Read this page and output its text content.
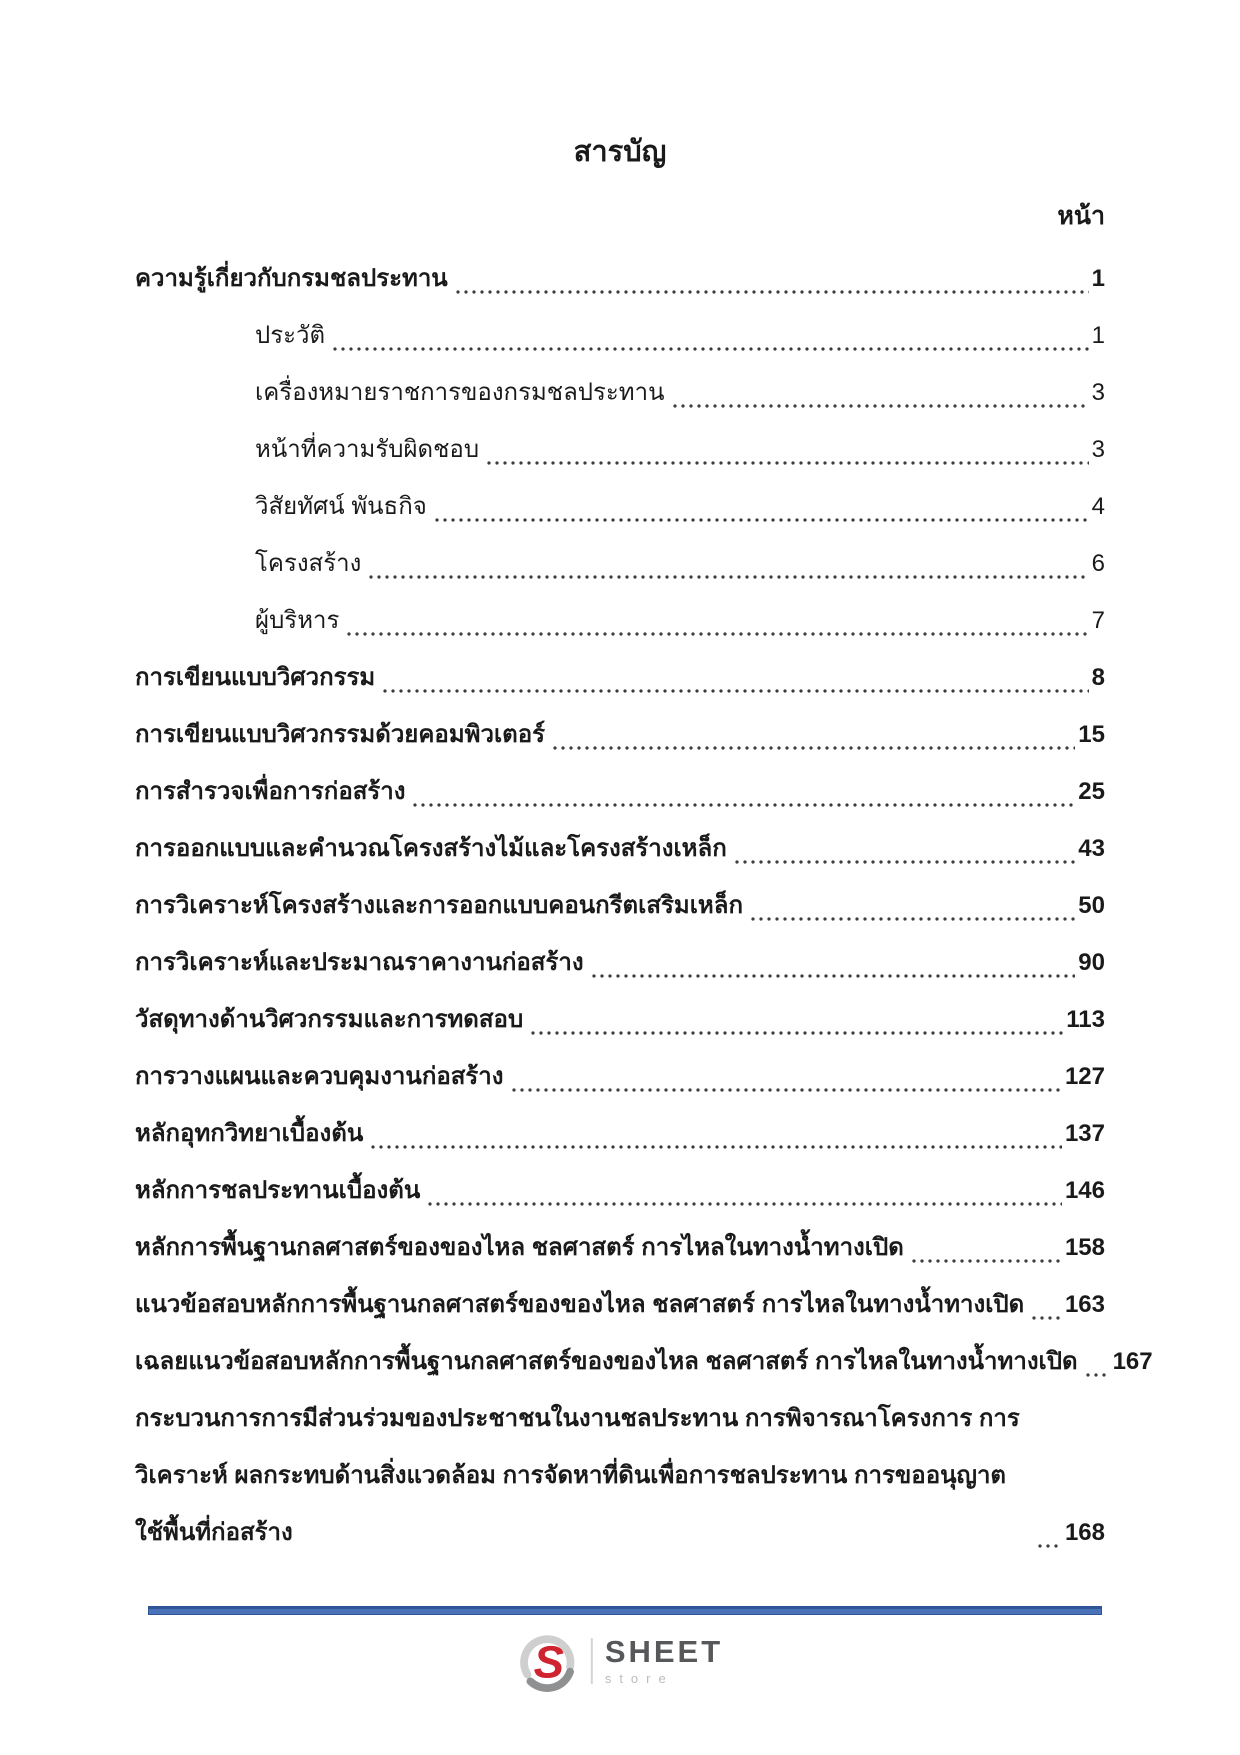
สารบัญ
หน้า
ความรู้เกี่ยวกับกรมชลประทาน	1
ประวัติ	1
เครื่องหมายราชการของกรมชลประทาน	3
หน้าที่ความรับผิดชอบ	3
วิสัยทัศน์ พันธกิจ	4
โครงสร้าง	6
ผู้บริหาร	7
การเขียนแบบวิศวกรรม	8
การเขียนแบบวิศวกรรมด้วยคอมพิวเตอร์	15
การสำรวจเพื่อการก่อสร้าง	25
การออกแบบและคำนวณโครงสร้างไม้และโครงสร้างเหล็ก	43
การวิเคราะห์โครงสร้างและการออกแบบคอนกรีตเสริมเหล็ก	50
การวิเคราะห์และประมาณราคางานก่อสร้าง	90
วัสดุทางด้านวิศวกรรมและการทดสอบ	113
การวางแผนและควบคุมงานก่อสร้าง	127
หลักอุทกวิทยาเบื้องต้น	137
หลักการชลประทานเบื้องต้น	146
หลักการพื้นฐานกลศาสตร์ของของไหล ชลศาสตร์ การไหลในทางน้ำทางเปิด	158
แนวข้อสอบหลักการพื้นฐานกลศาสตร์ของของไหล ชลศาสตร์ การไหลในทางน้ำทางเปิด 163
เฉลยแนวข้อสอบหลักการพื้นฐานกลศาสตร์ของของไหล ชลศาสตร์ การไหลในทางน้ำทางเปิด 167
กระบวนการการมีส่วนร่วมของประชาชนในงานชลประทาน การพิจารณาโครงการ การวิเคราะห์ ผลกระทบด้านสิ่งแวดล้อม การจัดหาที่ดินเพื่อการชลประทาน การขออนุญาตใช้พื้นที่ก่อสร้าง	168
S SHEET
store
